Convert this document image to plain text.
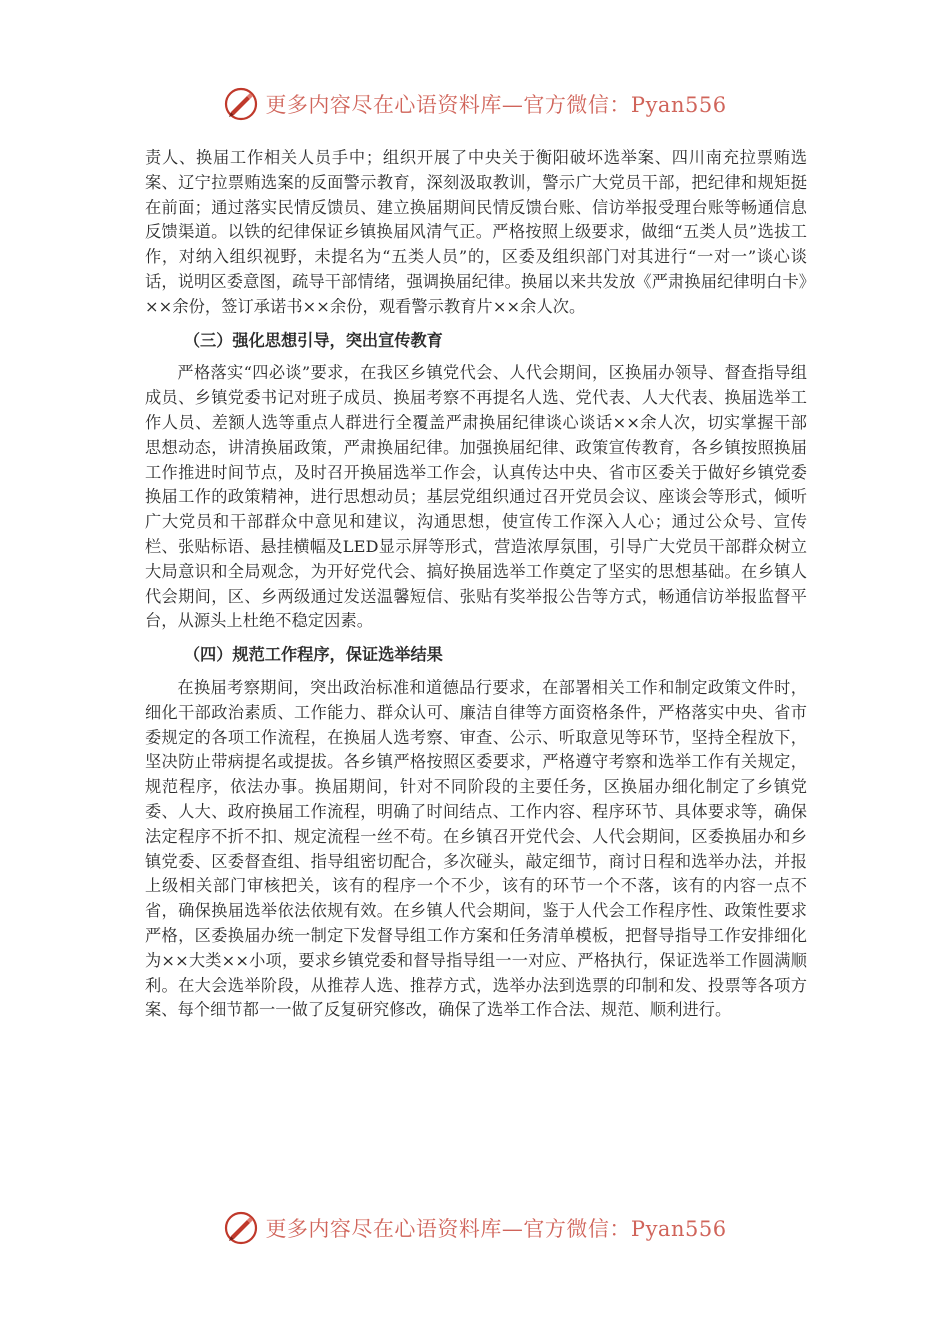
更多内容尽在心语资料库—官方微信：Pyan556

责人、换届工作相关人员手中；组织开展了中央关于衡阳破坏选举案、四川南充拉票贿选案、辽宁拉票贿选案的反面警示教育，深刻汲取教训，警示广大党员干部，把纪律和规矩挺在前面；通过落实民情反馈员、建立换届期间民情反馈台账、信访举报受理台账等畅通信息反馈渠道。以铁的纪律保证乡镇换届风清气正。严格按照上级要求，做细“五类人员”选拔工作，对纳入组织视野，未提名为“五类人员”的，区委及组织部门对其进行“一对一”谈心谈话，说明区委意图，疏导干部情绪，强调换届纪律。换届以来共发放《严肃换届纪律明白卡》××余份，签订承诺书××余份，观看警示教育片××余人次。

（三）强化思想引导，突出宣传教育

严格落实“四必谈”要求，在我区乡镇党代会、人代会期间，区换届办领导、督查指导组成员、乡镇党委书记对班子成员、换届考察不再提名人选、党代表、人大代表、换届选举工作人员、差额人选等重点人群进行全覆盖严肃换届纪律谈心谈话××余人次，切实掌握干部思想动态，讲清换届政策，严肃换届纪律。加强换届纪律、政策宣传教育，各乡镇按照换届工作推进时间节点，及时召开换届选举工作会，认真传达中央、省市区委关于做好乡镇党委换届工作的政策精神，进行思想动员；基层党组织通过召开党员会议、座谈会等形式，倾听广大党员和干部群众中意见和建议，沟通思想，使宣传工作深入人心；通过公众号、宣传栏、张贴标语、悬挂横幅及LED显示屏等形式，营造浓厚氛围，引导广大党员干部群众树立大局意识和全局观念，为开好党代会、搞好换届选举工作奠定了坚实的思想基础。在乡镇人代会期间，区、乡两级通过发送温馨短信、张贴有奖举报公告等方式，畅通信访举报监督平台，从源头上杜绝不稳定因素。

（四）规范工作程序，保证选举结果

在换届考察期间，突出政治标准和道德品行要求，在部署相关工作和制定政策文件时，细化干部政治素质、工作能力、群众认可、廉洁自律等方面资格条件，严格落实中央、省市委规定的各项工作流程，在换届人选考察、审查、公示、听取意见等环节，坚持全程放下，坚决防止带病提名或提拔。各乡镇严格按照区委要求，严格遵守考察和选举工作有关规定，规范程序，依法办事。换届期间，针对不同阶段的主要任务，区换届办细化制定了乡镇党委、人大、政府换届工作流程，明确了时间结点、工作内容、程序环节、具体要求等，确保法定程序不折不扣、规定流程一丝不苟。在乡镇召开党代会、人代会期间，区委换届办和乡镇党委、区委督查组、指导组密切配合，多次碰头，敲定细节，商讨日程和选举办法，并报上级相关部门审核把关，该有的程序一个不少，该有的环节一个不落，该有的内容一点不省，确保换届选举依法依规有效。在乡镇人代会期间，鉴于人代会工作程序性、政策性要求严格，区委换届办统一制定下发督导组工作方案和任务清单模板，把督导指导工作安排细化为××大类××小项，要求乡镇党委和督导指导组一一对应、严格执行，保证选举工作圆满顺利。在大会选举阶段，从推荐人选、推荐方式，选举办法到选票的印制和发、投票等各项方案、每个细节都一一做了反复研究修改，确保了选举工作合法、规范、顺利进行。

更多内容尽在心语资料库—官方微信：Pyan556
